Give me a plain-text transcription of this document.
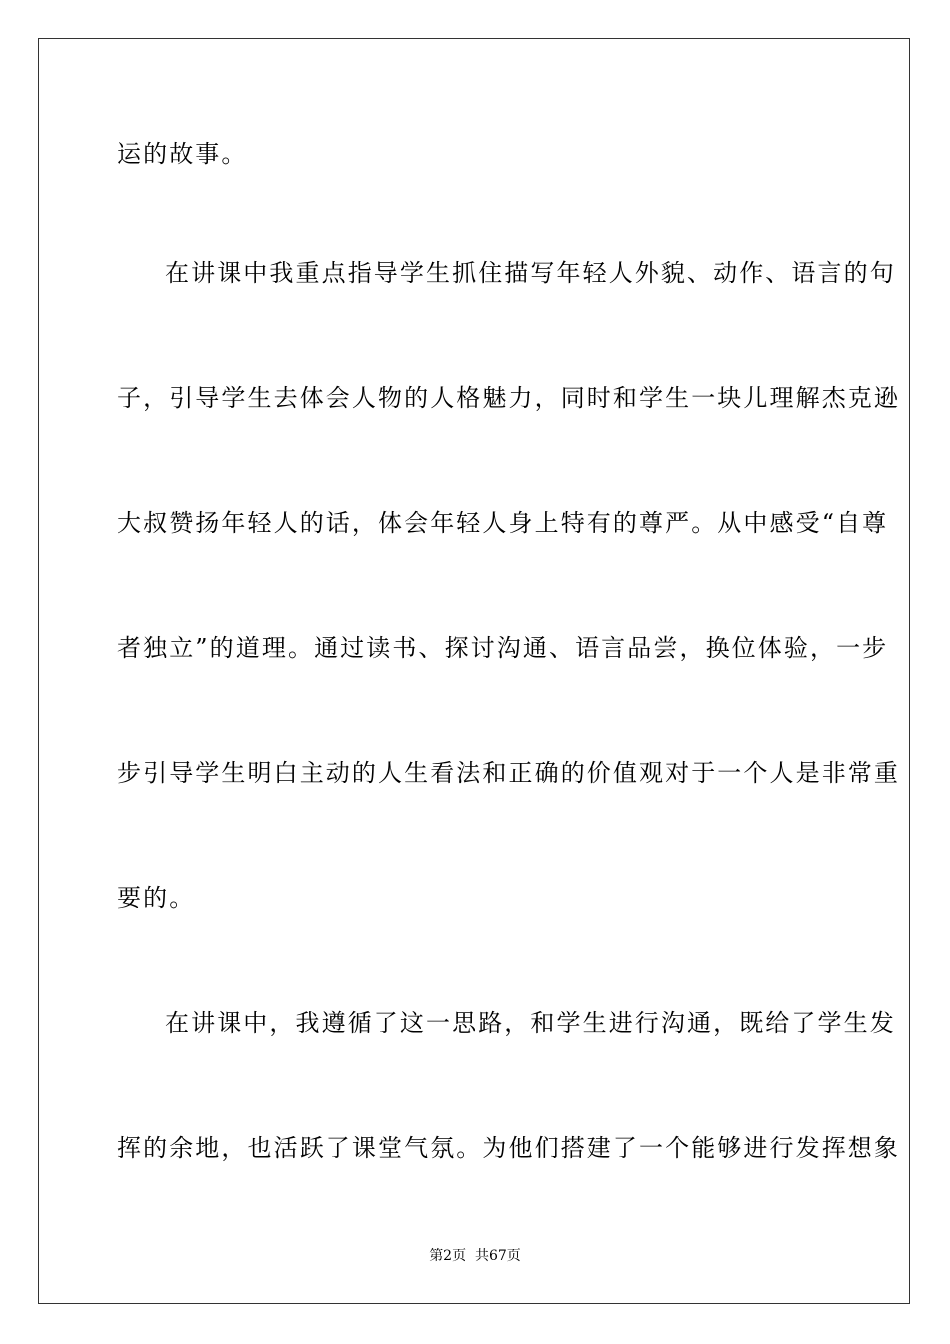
运的故事。
在讲课中我重点指导学生抓住描写年轻人外貌、动作、语言的句
子，引导学生去体会人物的人格魅力，同时和学生一块儿理解杰克逊
大叔赞扬年轻人的话，体会年轻人身上特有的尊严。从中感受“自尊
者独立”的道理。通过读书、探讨沟通、语言品尝，换位体验，一步
步引导学生明白主动的人生看法和正确的价值观对于一个人是非常重
要的。
在讲课中，我遵循了这一思路，和学生进行沟通，既给了学生发
挥的余地，也活跃了课堂气氛。为他们搭建了一个能够进行发挥想象
第2页  共67页
